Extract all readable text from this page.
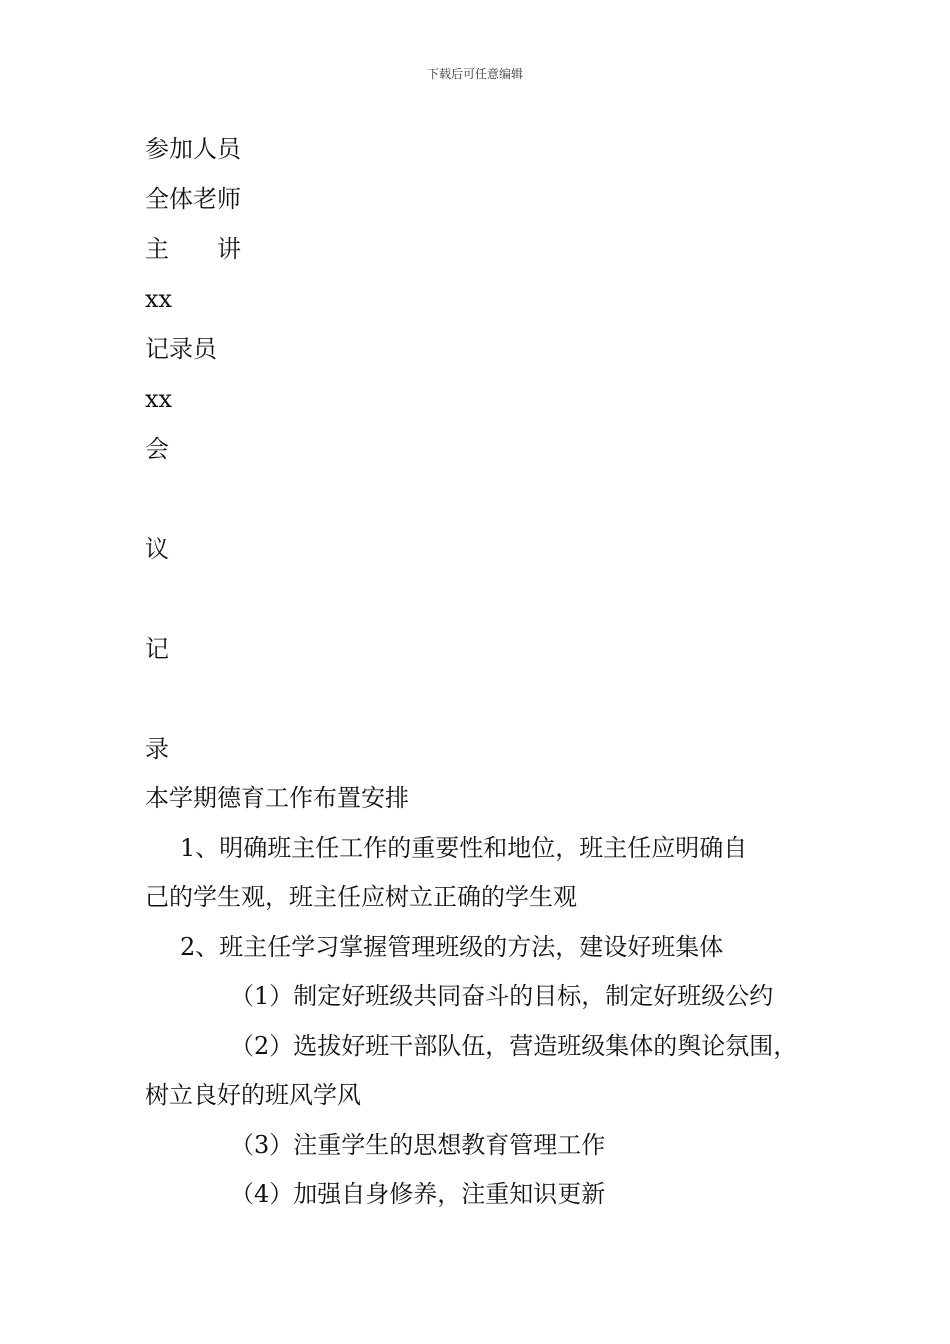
下载后可任意编辑
参加人员
全体老师
主 讲
xx
记录员
xx
会
议
记
录
本学期德育工作布置安排
1、明确班主任工作的重要性和地位，班主任应明确自
己的学生观，班主任应树立正确的学生观
2、班主任学习掌握管理班级的方法，建设好班集体
（1）制定好班级共同奋斗的目标，制定好班级公约
（2）选拔好班干部队伍，营造班级集体的舆论氛围，
树立良好的班风学风
（3）注重学生的思想教育管理工作
（4）加强自身修养，注重知识更新
